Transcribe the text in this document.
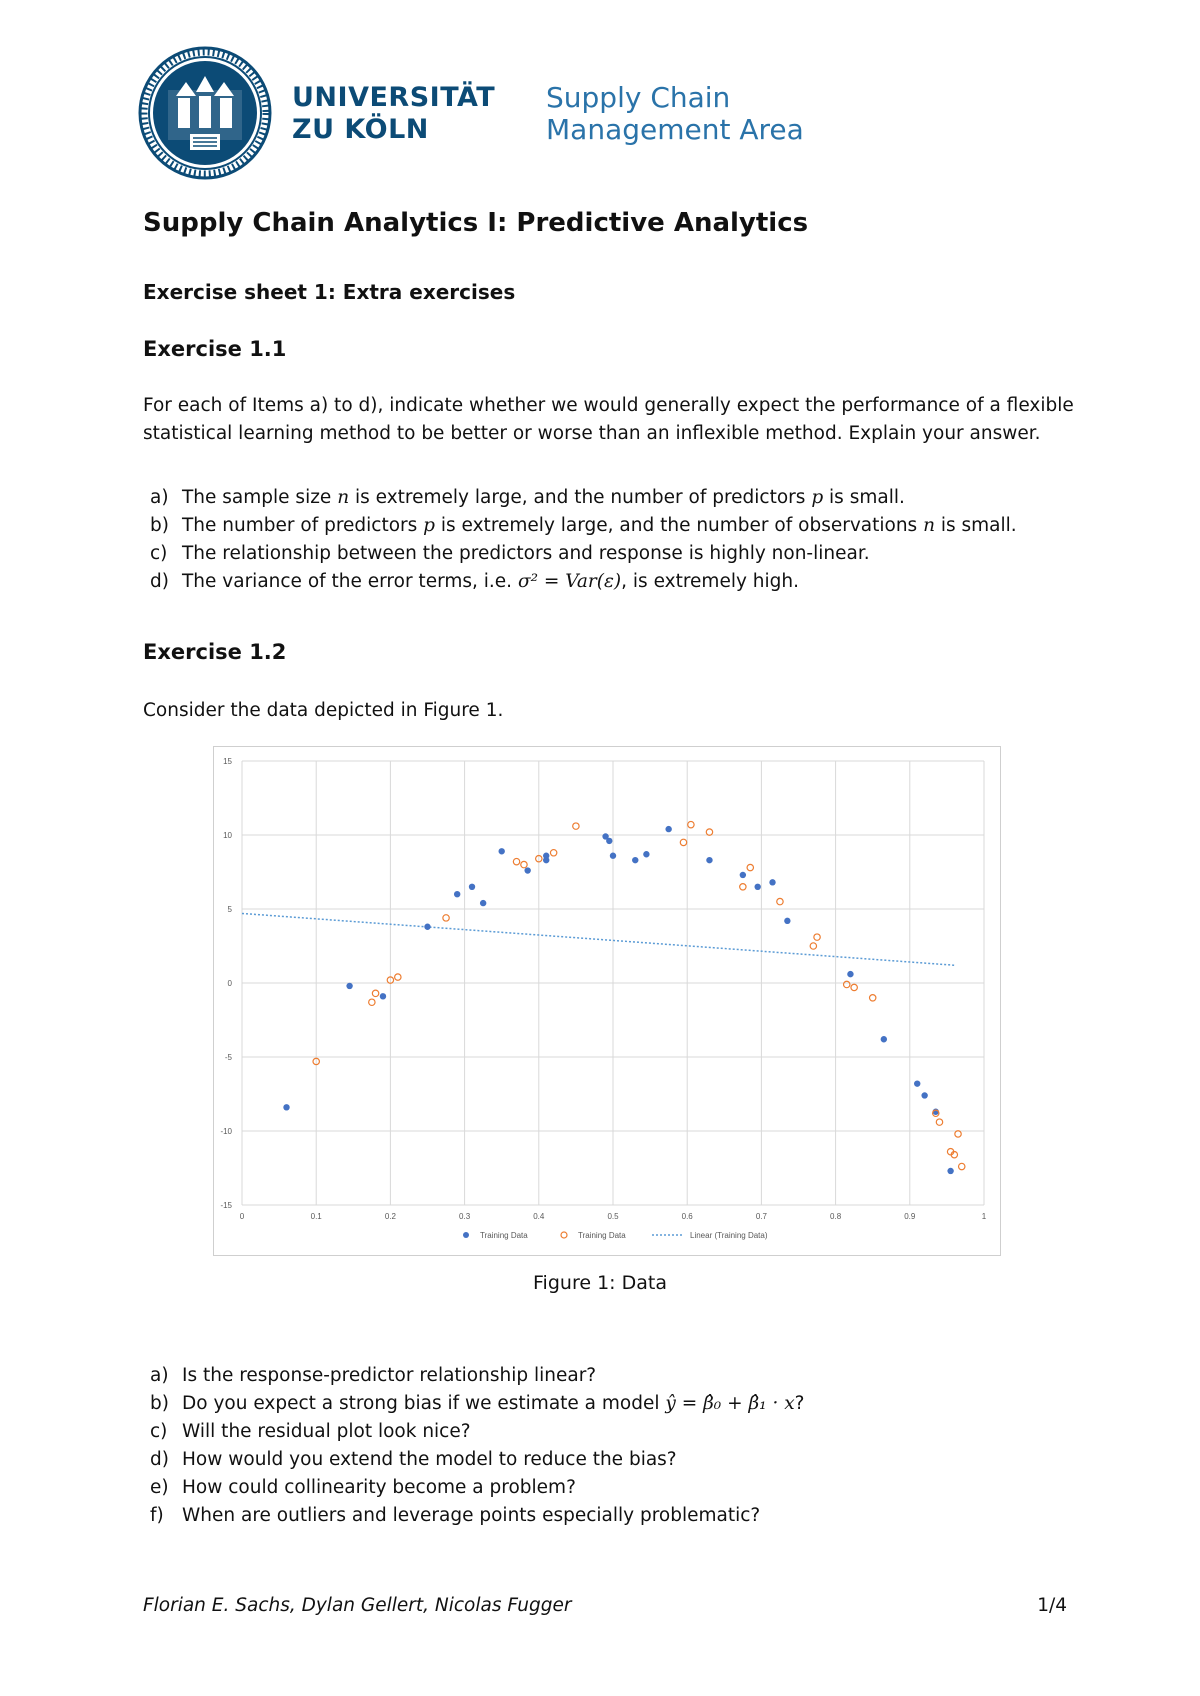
UNIVERSITÄT
ZU KÖLN
Supply Chain
Management Area
Supply Chain Analytics I: Predictive Analytics
Exercise sheet 1: Extra exercises
Exercise 1.1
For each of Items a) to d), indicate whether we would generally expect the performance of a flexible statistical learning method to be better or worse than an inflexible method. Explain your answer.
a) The sample size n is extremely large, and the number of predictors p is small.
b) The number of predictors p is extremely large, and the number of observations n is small.
c) The relationship between the predictors and response is highly non-linear.
d) The variance of the error terms, i.e. σ² = Var(ε), is extremely high.
Exercise 1.2
Consider the data depicted in Figure 1.
0	0.1	0.2	0.3	0.4	0.5	0.6	0.7	0.8	0.9	1
15
10
5
0
-5
-10
-15
Training Data	Training Data	Linear (Training Data)
Figure 1: Data
a) Is the response-predictor relationship linear?
b) Do you expect a strong bias if we estimate a model ŷ = β̂₀ + β̂₁ · x?
c) Will the residual plot look nice?
d) How would you extend the model to reduce the bias?
e) How could collinearity become a problem?
f) When are outliers and leverage points especially problematic?
Florian E. Sachs, Dylan Gellert, Nicolas Fugger	1/4
